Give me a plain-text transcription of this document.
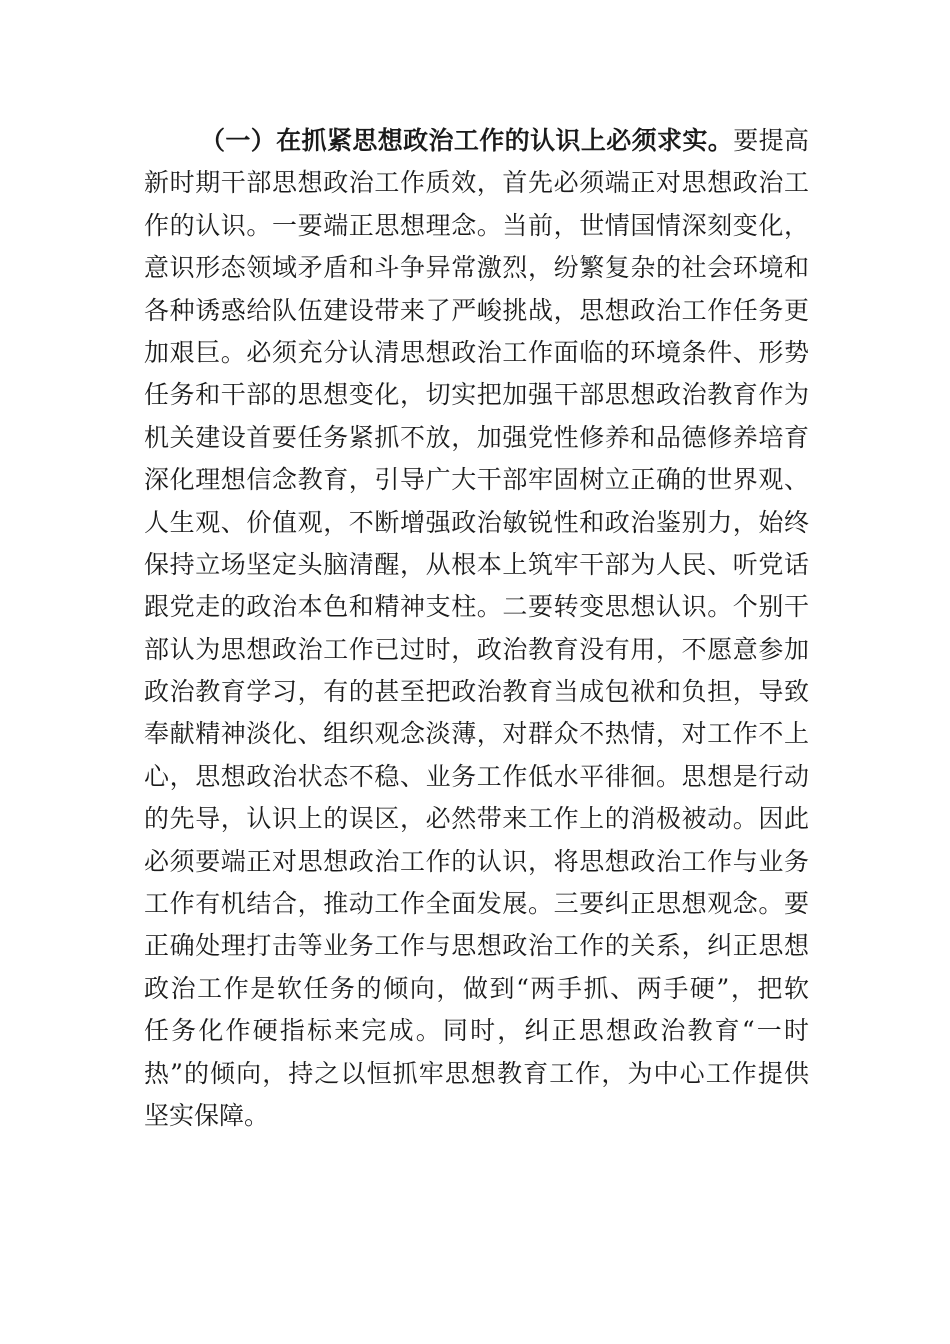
（一）在抓紧思想政治工作的认识上必须求实。要提高
新时期干部思想政治工作质效，首先必须端正对思想政治工
作的认识。一要端正思想理念。当前，世情国情深刻变化，
意识形态领域矛盾和斗争异常激烈，纷繁复杂的社会环境和
各种诱惑给队伍建设带来了严峻挑战，思想政治工作任务更
加艰巨。必须充分认清思想政治工作面临的环境条件、形势
任务和干部的思想变化，切实把加强干部思想政治教育作为
机关建设首要任务紧抓不放，加强党性修养和品德修养培育
深化理想信念教育，引导广大干部牢固树立正确的世界观、
人生观、价值观，不断增强政治敏锐性和政治鉴别力，始终
保持立场坚定头脑清醒，从根本上筑牢干部为人民、听党话
跟党走的政治本色和精神支柱。二要转变思想认识。个别干
部认为思想政治工作已过时，政治教育没有用，不愿意参加
政治教育学习，有的甚至把政治教育当成包袱和负担，导致
奉献精神淡化、组织观念淡薄，对群众不热情，对工作不上
心，思想政治状态不稳、业务工作低水平徘徊。思想是行动
的先导，认识上的误区，必然带来工作上的消极被动。因此
必须要端正对思想政治工作的认识，将思想政治工作与业务
工作有机结合，推动工作全面发展。三要纠正思想观念。要
正确处理打击等业务工作与思想政治工作的关系，纠正思想
政治工作是软任务的倾向，做到“两手抓、两手硬”，把软
任务化作硬指标来完成。同时，纠正思想政治教育“一时
热”的倾向，持之以恒抓牢思想教育工作，为中心工作提供
坚实保障。
